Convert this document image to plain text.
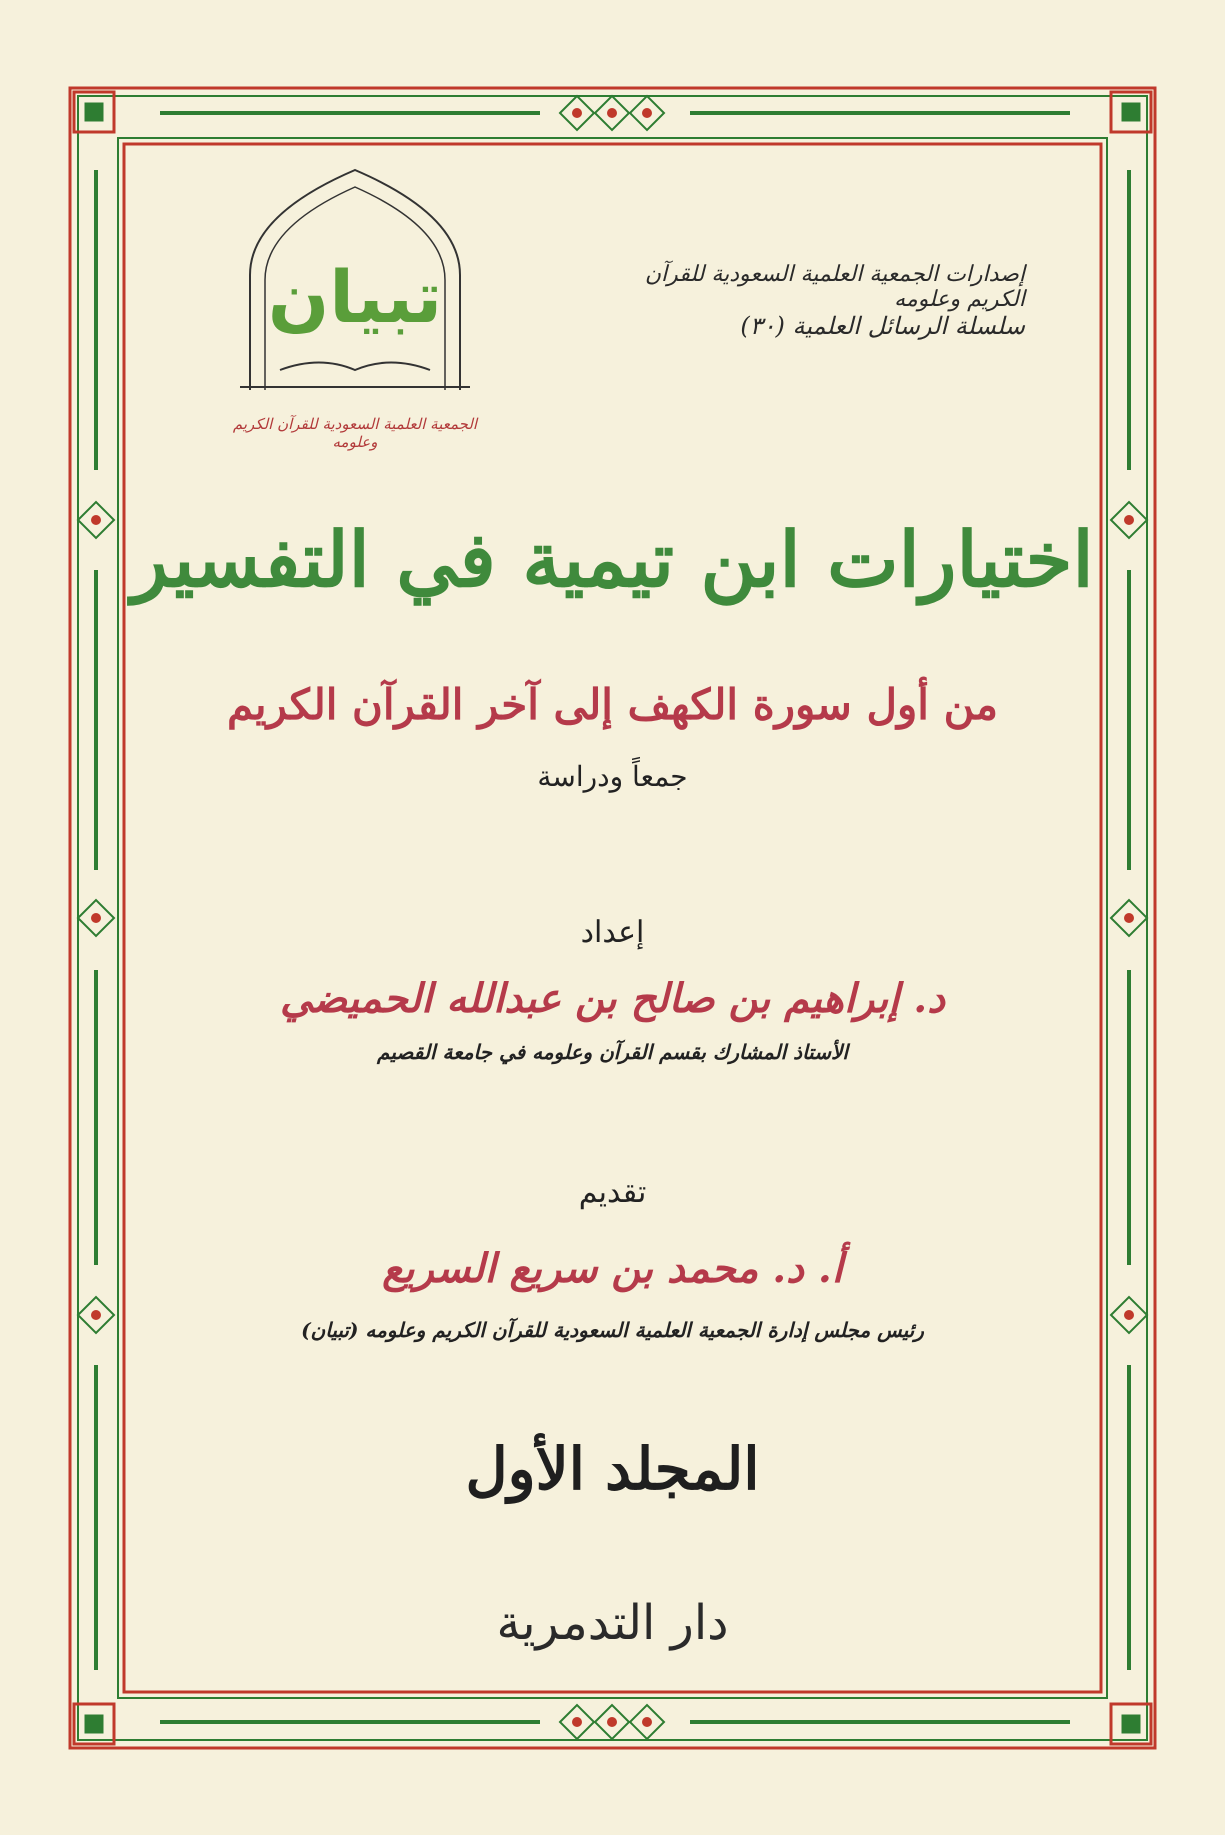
إصدارات الجمعية العلمية السعودية للقرآن الكريم وعلومه
سلسلة الرسائل العلمية (٣٠)
تبيان
الجمعية العلمية السعودية للقرآن الكريم وعلومه
اختيارات ابن تيمية في التفسير
من أول سورة الكهف إلى آخر القرآن الكريم
جمعاً ودراسة
إعداد
د. إبراهيم بن صالح بن عبدالله الحميضي
الأستاذ المشارك بقسم القرآن وعلومه في جامعة القصيم
تقديم
أ. د. محمد بن سريع السريع
رئيس مجلس إدارة الجمعية العلمية السعودية للقرآن الكريم وعلومه (تبيان)
المجلد الأول
دار التدمرية
